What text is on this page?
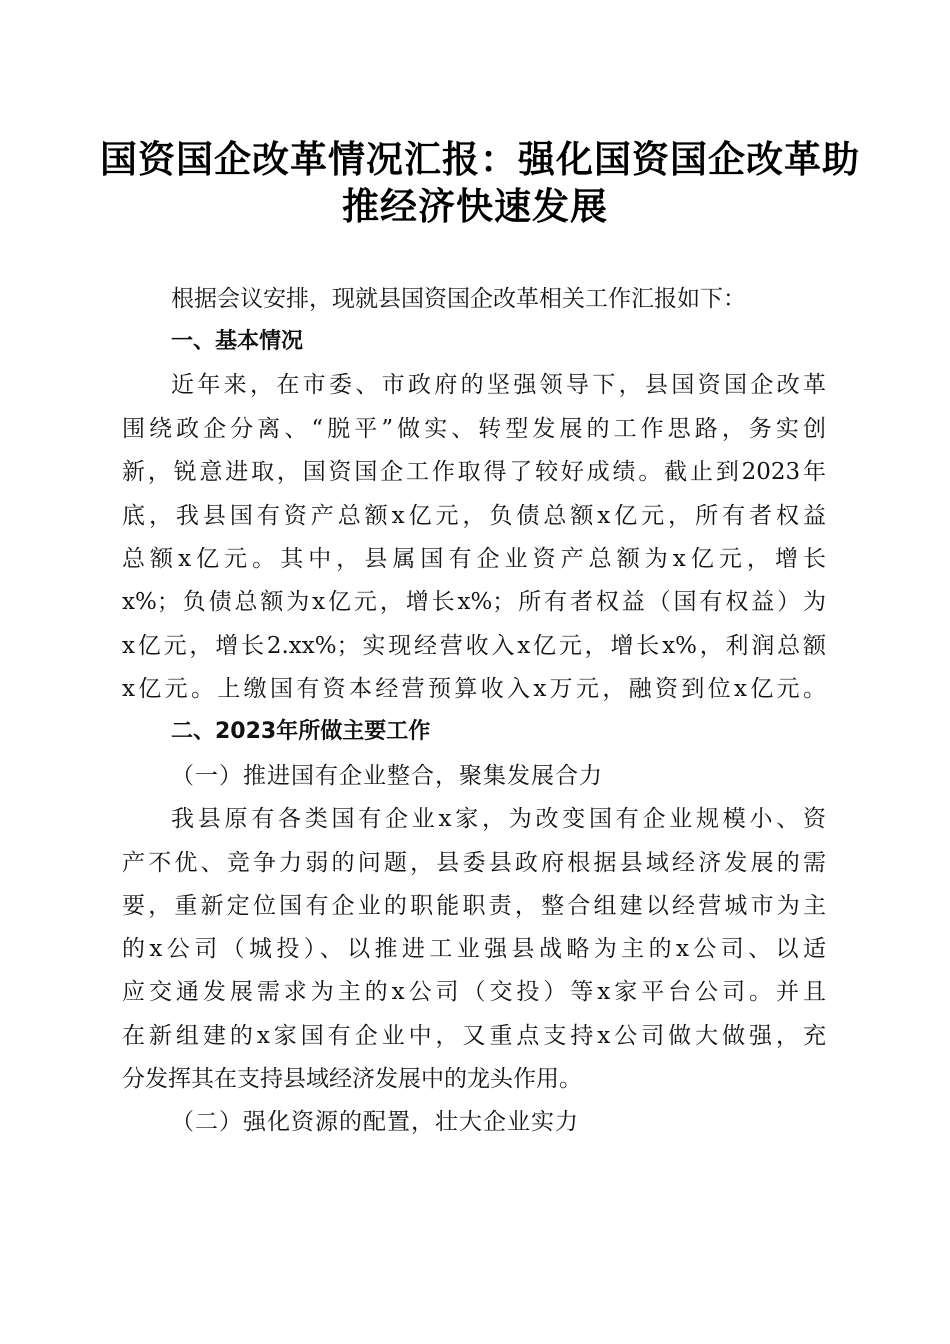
国资国企改革情况汇报：强化国资国企改革助
推经济快速发展
根据会议安排，现就县国资国企改革相关工作汇报如下：
一、基本情况
近年来，在市委、市政府的坚强领导下，县国资国企改革
围绕政企分离、“脱平”做实、转型发展的工作思路，务实创
新，锐意进取，国资国企工作取得了较好成绩。截止到2023年
底，我县国有资产总额x亿元，负债总额x亿元，所有者权益
总额x亿元。其中，县属国有企业资产总额为x亿元，增长
x%；负债总额为x亿元，增长x%；所有者权益（国有权益）为
x亿元，增长2.xx%；实现经营收入x亿元，增长x%，利润总额
x亿元。上缴国有资本经营预算收入x万元，融资到位x亿元。
二、2023年所做主要工作
（一）推进国有企业整合，聚集发展合力
我县原有各类国有企业x家，为改变国有企业规模小、资
产不优、竞争力弱的问题，县委县政府根据县域经济发展的需
要，重新定位国有企业的职能职责，整合组建以经营城市为主
的x公司（城投）、以推进工业强县战略为主的x公司、以适
应交通发展需求为主的x公司（交投）等x家平台公司。并且
在新组建的x家国有企业中，又重点支持x公司做大做强，充
分发挥其在支持县域经济发展中的龙头作用。
（二）强化资源的配置，壮大企业实力
